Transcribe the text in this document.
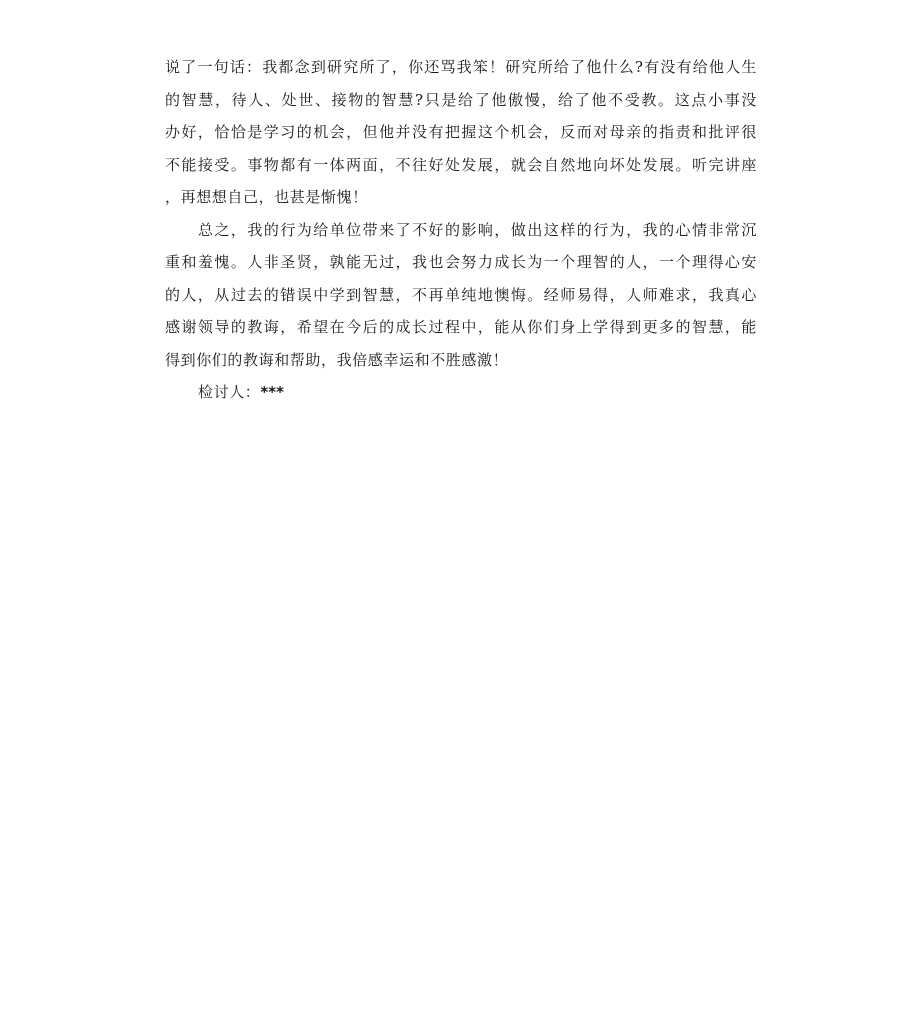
说了一句话：我都念到研究所了，你还骂我笨！研究所给了他什么?有没有给他人生
的智慧，待人、处世、接物的智慧?只是给了他傲慢，给了他不受教。这点小事没
办好，恰恰是学习的机会，但他并没有把握这个机会，反而对母亲的指责和批评很
不能接受。事物都有一体两面，不往好处发展，就会自然地向坏处发展。听完讲座
，再想想自己，也甚是惭愧！
总之，我的行为给单位带来了不好的影响，做出这样的行为，我的心情非常沉
重和羞愧。人非圣贤，孰能无过，我也会努力成长为一个理智的人，一个理得心安
的人，从过去的错误中学到智慧，不再单纯地懊悔。经师易得，人师难求，我真心
感谢领导的教诲，希望在今后的成长过程中，能从你们身上学得到更多的智慧，能
得到你们的教诲和帮助，我倍感幸运和不胜感激！
检讨人：***
